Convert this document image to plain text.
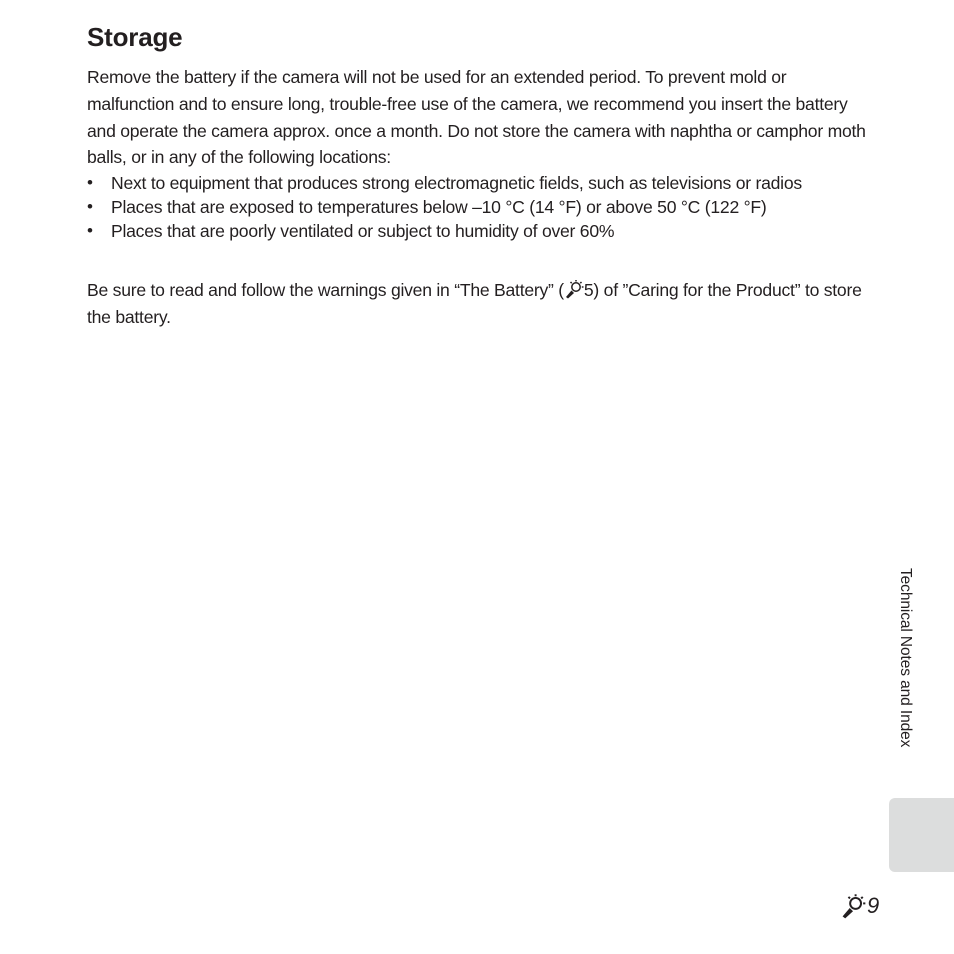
Storage

Remove the battery if the camera will not be used for an extended period. To prevent mold or malfunction and to ensure long, trouble-free use of the camera, we recommend you insert the battery and operate the camera approx. once a month. Do not store the camera with naphtha or camphor moth balls, or in any of the following locations:

• Next to equipment that produces strong electromagnetic fields, such as televisions or radios
• Places that are exposed to temperatures below –10 °C (14 °F) or above 50 °C (122 °F)
• Places that are poorly ventilated or subject to humidity of over 60%

Be sure to read and follow the warnings given in “The Battery” ( 5) of ”Caring for the Product” to store the battery.

Technical Notes and Index
9
